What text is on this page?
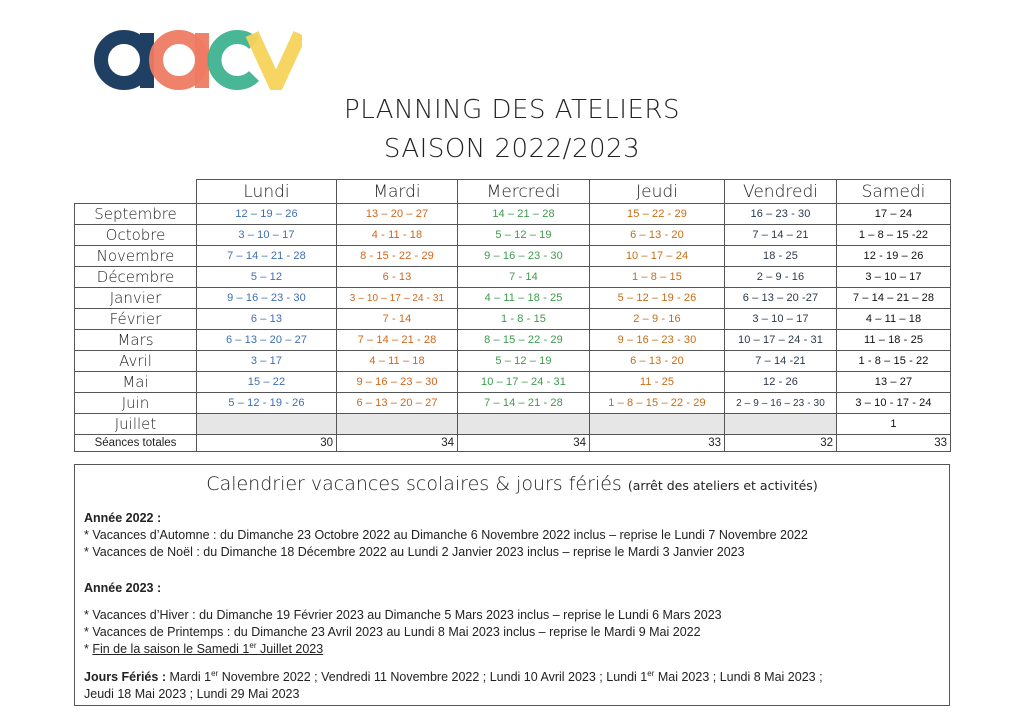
PLANNING DES ATELIERS
SAISON 2022/2023
	Lundi	Mardi	Mercredi	Jeudi	Vendredi	Samedi
Septembre	12 – 19 – 26	13 – 20 – 27	14 – 21 – 28	15 – 22 - 29	16 – 23 - 30	17 – 24
Octobre	3 – 10 – 17	4 - 11 - 18	5 – 12 – 19	6 – 13 - 20	7 – 14 – 21	1 – 8 – 15 -22
Novembre	7 – 14 – 21 - 28	8 - 15 - 22 - 29	9 – 16 – 23 - 30	10 – 17 – 24	18 - 25	12 - 19 – 26
Décembre	5 – 12	6 - 13	7 - 14	1 – 8 – 15	2 – 9 - 16	3 – 10 – 17
Janvier	9 – 16 – 23 - 30	3 – 10 – 17 – 24 - 31	4 – 11 – 18 - 25	5 – 12 – 19 - 26	6 – 13 – 20 -27	7 – 14 – 21 – 28
Février	6 – 13	7 - 14	1 - 8 - 15	2 – 9 - 16	3 – 10 – 17	4 – 11 – 18
Mars	6 – 13 – 20 – 27	7 – 14 – 21 - 28	8 – 15 – 22 - 29	9 – 16 – 23 - 30	10 – 17 – 24 - 31	11 – 18 - 25
Avril	3 – 17	4 – 11 – 18	5 – 12 – 19	6 – 13 - 20	7 – 14 -21	1 - 8 – 15 - 22
Mai	15 – 22	9 – 16 – 23 – 30	10 – 17 – 24 - 31	11 - 25	12 - 26	13 – 27
Juin	5 – 12 - 19 - 26	6 – 13 – 20 – 27	7 – 14 – 21 - 28	1 – 8 – 15 – 22 - 29	2 – 9 – 16 – 23 - 30	3 – 10 - 17 - 24
Juillet						1
Séances totales	30	34	34	33	32	33
Calendrier vacances scolaires & jours fériés (arrêt des ateliers et activités)
Année 2022 :
* Vacances d’Automne : du Dimanche 23 Octobre 2022 au Dimanche 6 Novembre 2022 inclus – reprise le Lundi 7 Novembre 2022
* Vacances de Noël : du Dimanche 18 Décembre 2022 au Lundi 2 Janvier 2023 inclus – reprise le Mardi 3 Janvier 2023
Année 2023 :
* Vacances d’Hiver : du Dimanche 19 Février 2023 au Dimanche 5 Mars 2023 inclus – reprise le Lundi 6 Mars 2023
* Vacances de Printemps : du Dimanche 23 Avril 2023 au Lundi 8 Mai 2023 inclus – reprise le Mardi 9 Mai 2022
* Fin de la saison le Samedi 1er Juillet 2023
Jours Fériés : Mardi 1er Novembre 2022 ; Vendredi 11 Novembre 2022 ; Lundi 10 Avril 2023 ; Lundi 1er Mai 2023 ; Lundi 8 Mai 2023 ;
Jeudi 18 Mai 2023 ; Lundi 29 Mai 2023
